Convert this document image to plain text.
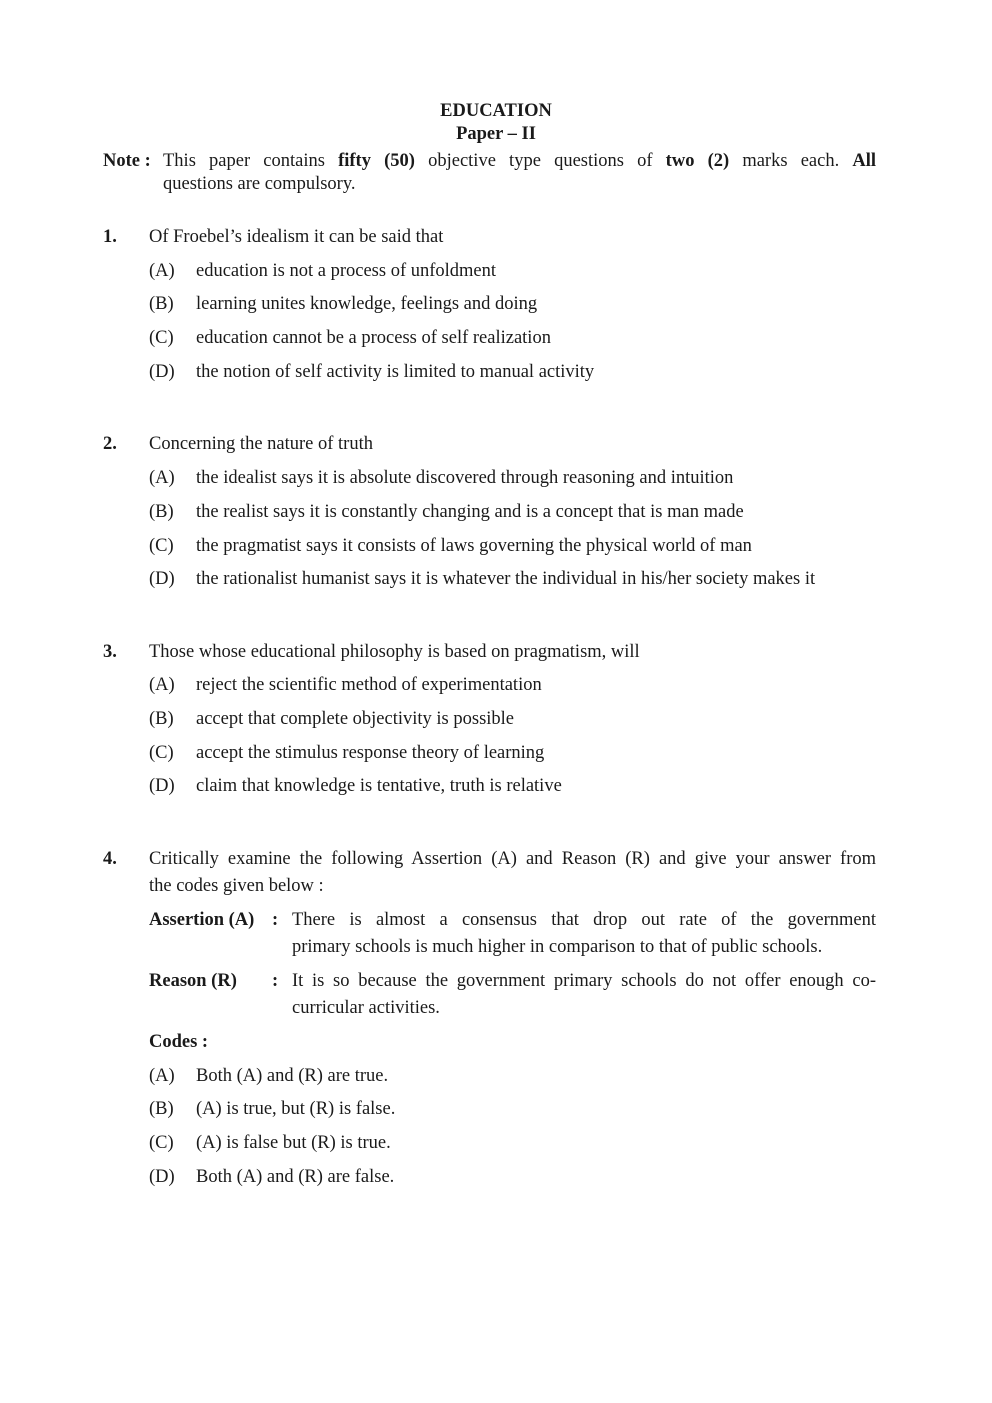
EDUCATION
Paper – II
Note : This paper contains fifty (50) objective type questions of two (2) marks each. All
questions are compulsory.
1. Of Froebel’s idealism it can be said that
(A) education is not a process of unfoldment
(B) learning unites knowledge, feelings and doing
(C) education cannot be a process of self realization
(D) the notion of self activity is limited to manual activity
2. Concerning the nature of truth
(A) the idealist says it is absolute discovered through reasoning and intuition
(B) the realist says it is constantly changing and is a concept that is man made
(C) the pragmatist says it consists of laws governing the physical world of man
(D) the rationalist humanist says it is whatever the individual in his/her society makes it
3. Those whose educational philosophy is based on pragmatism, will
(A) reject the scientific method of experimentation
(B) accept that complete objectivity is possible
(C) accept the stimulus response theory of learning
(D) claim that knowledge is tentative, truth is relative
4. Critically examine the following Assertion (A) and Reason (R) and give your answer from
the codes given below :
Assertion (A) : There is almost a consensus that drop out rate of the government
primary schools is much higher in comparison to that of public schools.
Reason (R) : It is so because the government primary schools do not offer enough co-
curricular activities.
Codes :
(A) Both (A) and (R) are true.
(B) (A) is true, but (R) is false.
(C) (A) is false but (R) is true.
(D) Both (A) and (R) are false.
